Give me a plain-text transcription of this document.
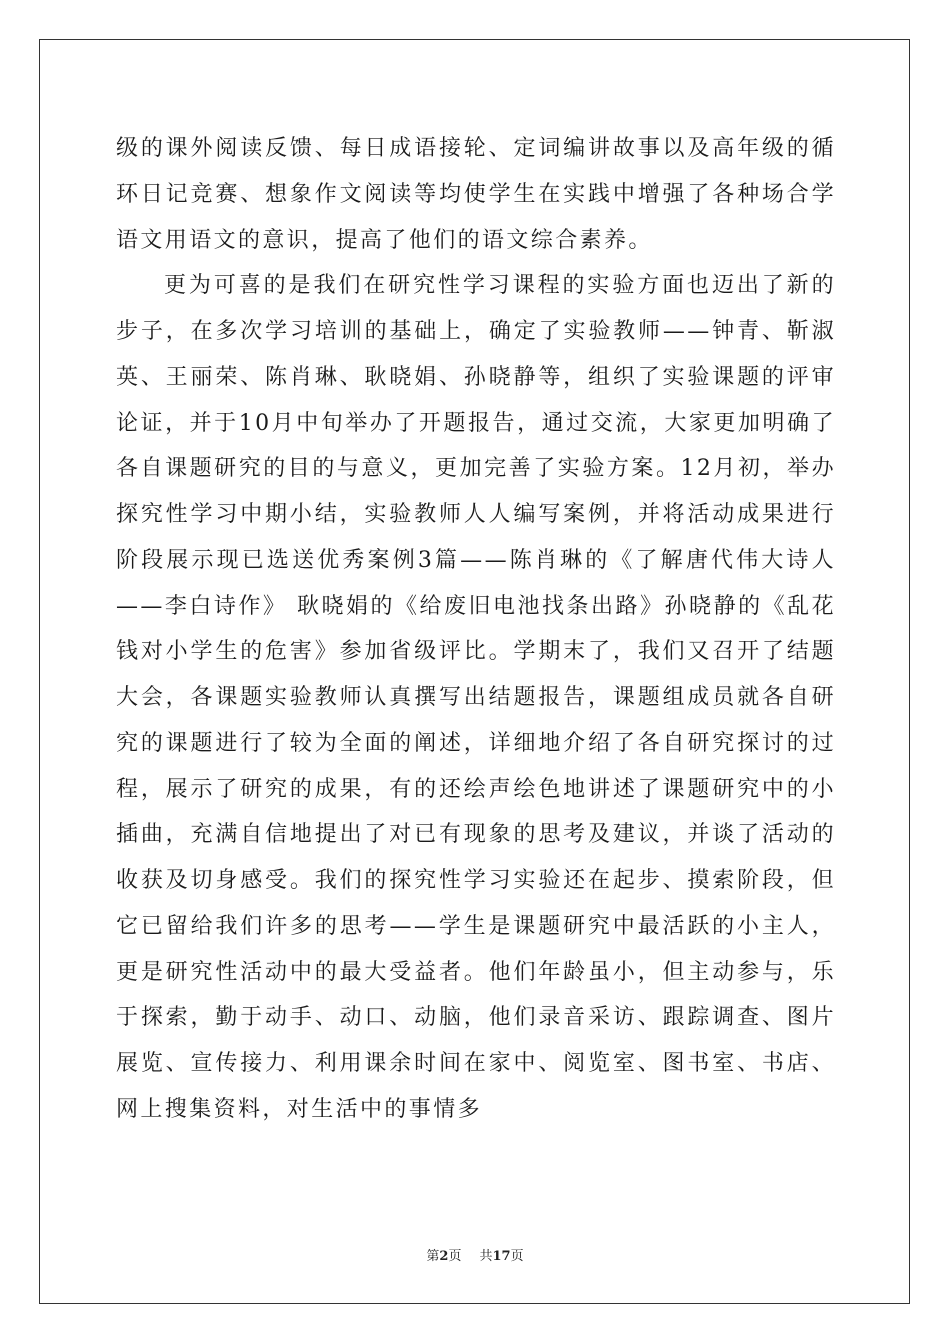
级的课外阅读反馈、每日成语接轮、定词编讲故事以及高年级的循环日记竞赛、想象作文阅读等均使学生在实践中增强了各种场合学语文用语文的意识，提高了他们的语文综合素养。

更为可喜的是我们在研究性学习课程的实验方面也迈出了新的步子，在多次学习培训的基础上，确定了实验教师——钟青、靳淑英、王丽荣、陈肖琳、耿晓娟、孙晓静等，组织了实验课题的评审论证，并于10月中旬举办了开题报告，通过交流，大家更加明确了各自课题研究的目的与意义，更加完善了实验方案。12月初，举办探究性学习中期小结，实验教师人人编写案例，并将活动成果进行阶段展示现已选送优秀案例3篇——陈肖琳的《了解唐代伟大诗人——李白诗作》 耿晓娟的《给废旧电池找条出路》孙晓静的《乱花钱对小学生的危害》参加省级评比。学期末了，我们又召开了结题大会，各课题实验教师认真撰写出结题报告，课题组成员就各自研究的课题进行了较为全面的阐述，详细地介绍了各自研究探讨的过程，展示了研究的成果，有的还绘声绘色地讲述了课题研究中的小插曲，充满自信地提出了对已有现象的思考及建议，并谈了活动的收获及切身感受。我们的探究性学习实验还在起步、摸索阶段，但它已留给我们许多的思考——学生是课题研究中最活跃的小主人，更是研究性活动中的最大受益者。他们年龄虽小，但主动参与，乐于探索，勤于动手、动口、动脑，他们录音采访、跟踪调查、图片展览、宣传接力、利用课余时间在家中、阅览室、图书室、书店、网上搜集资料，对生活中的事情多

第2页 共17页
